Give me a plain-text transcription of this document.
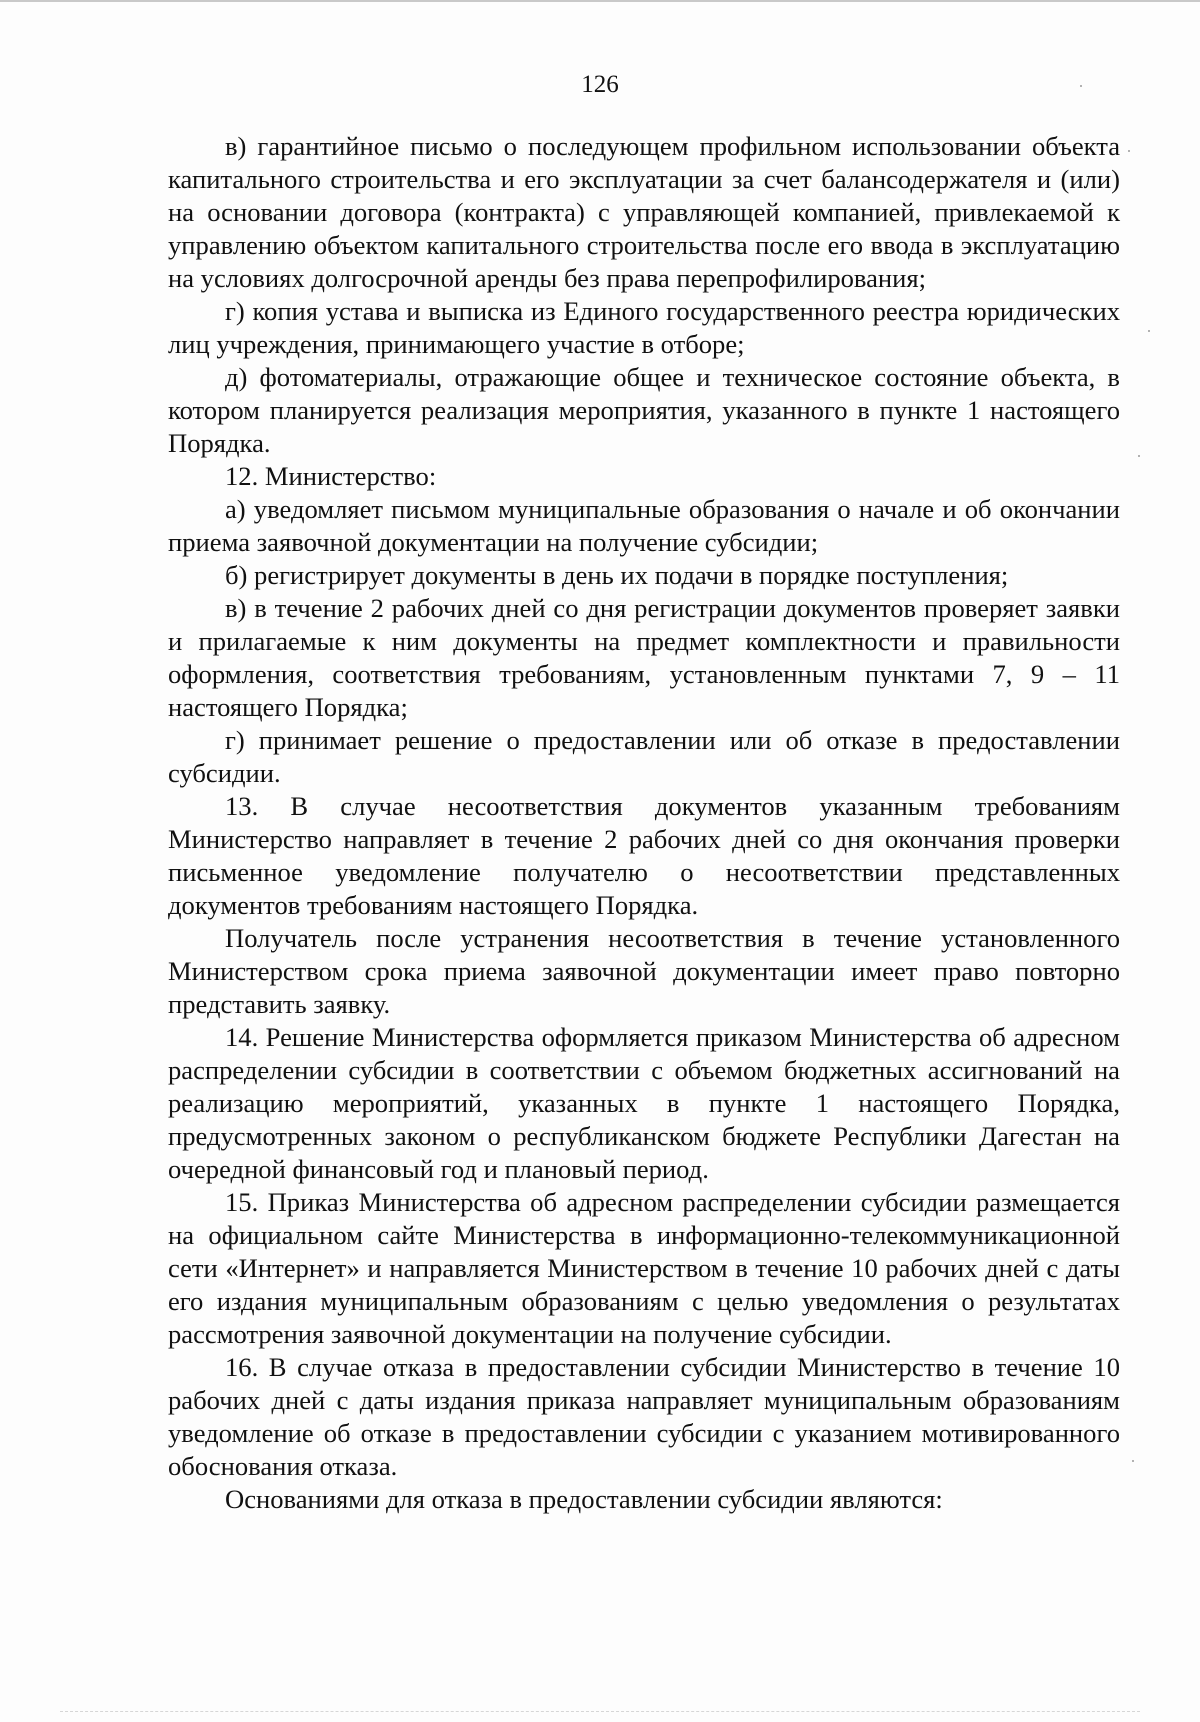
126

в) гарантийное письмо о последующем профильном использовании объекта капитального строительства и его эксплуатации за счет балансодержателя и (или) на основании договора (контракта) с управляющей компанией, привлекаемой к управлению объектом капитального строительства после его ввода в эксплуатацию на условиях долгосрочной аренды без права перепрофилирования;

г) копия устава и выписка из Единого государственного реестра юридических лиц учреждения, принимающего участие в отборе;

д) фотоматериалы, отражающие общее и техническое состояние объекта, в котором планируется реализация мероприятия, указанного в пункте 1 настоящего Порядка.

12. Министерство:

а) уведомляет письмом муниципальные образования о начале и об окончании приема заявочной документации на получение субсидии;

б) регистрирует документы в день их подачи в порядке поступления;

в) в течение 2 рабочих дней со дня регистрации документов проверяет заявки и прилагаемые к ним документы на предмет комплектности и правильности оформления, соответствия требованиям, установленным пунктами 7, 9 – 11 настоящего Порядка;

г) принимает решение о предоставлении или об отказе в предоставлении субсидии.

13. В случае несоответствия документов указанным требованиям Министерство направляет в течение 2 рабочих дней со дня окончания проверки письменное уведомление получателю о несоответствии представленных документов требованиям настоящего Порядка.

Получатель после устранения несоответствия в течение установленного Министерством срока приема заявочной документации имеет право повторно представить заявку.

14. Решение Министерства оформляется приказом Министерства об адресном распределении субсидии в соответствии с объемом бюджетных ассигнований на реализацию мероприятий, указанных в пункте 1 настоящего Порядка, предусмотренных законом о республиканском бюджете Республики Дагестан на очередной финансовый год и плановый период.

15. Приказ Министерства об адресном распределении субсидии размещается на официальном сайте Министерства в информационно-телекоммуникационной сети «Интернет» и направляется Министерством в течение 10 рабочих дней с даты его издания муниципальным образованиям с целью уведомления о результатах рассмотрения заявочной документации на получение субсидии.

16. В случае отказа в предоставлении субсидии Министерство в течение 10 рабочих дней с даты издания приказа направляет муниципальным образованиям уведомление об отказе в предоставлении субсидии с указанием мотивированного обоснования отказа.

Основаниями для отказа в предоставлении субсидии являются:
